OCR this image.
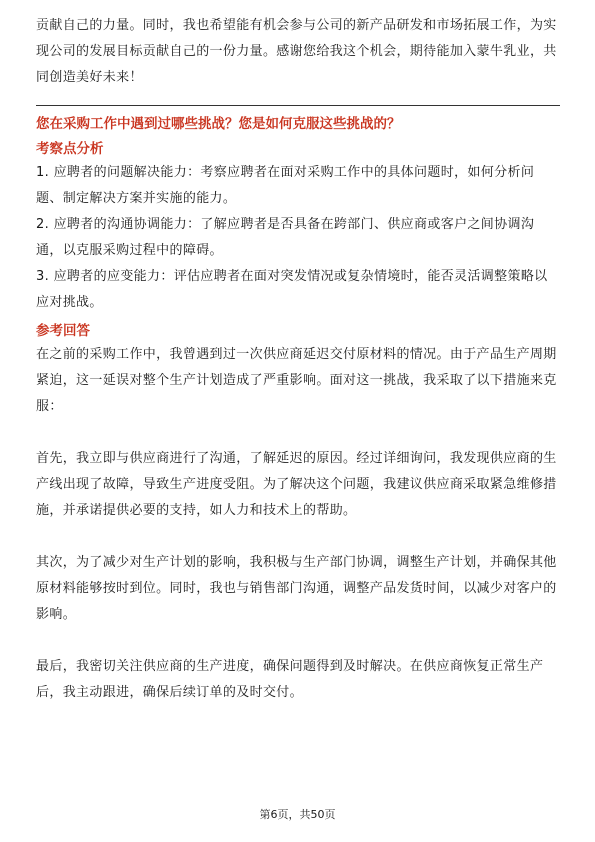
贡献自己的力量。同时，我也希望能有机会参与公司的新产品研发和市场拓展工作，为实现公司的发展目标贡献自己的一份力量。感谢您给我这个机会，期待能加入蒙牛乳业，共同创造美好未来！

您在采购工作中遇到过哪些挑战？您是如何克服这些挑战的？

考察点分析

1. 应聘者的问题解决能力：考察应聘者在面对采购工作中的具体问题时，如何分析问题、制定解决方案并实施的能力。

2. 应聘者的沟通协调能力：了解应聘者是否具备在跨部门、供应商或客户之间协调沟通，以克服采购过程中的障碍。

3. 应聘者的应变能力：评估应聘者在面对突发情况或复杂情境时，能否灵活调整策略以应对挑战。

参考回答

在之前的采购工作中，我曾遇到过一次供应商延迟交付原材料的情况。由于产品生产周期紧迫，这一延误对整个生产计划造成了严重影响。面对这一挑战，我采取了以下措施来克服：

首先，我立即与供应商进行了沟通，了解延迟的原因。经过详细询问，我发现供应商的生产线出现了故障，导致生产进度受阻。为了解决这个问题，我建议供应商采取紧急维修措施，并承诺提供必要的支持，如人力和技术上的帮助。

其次，为了减少对生产计划的影响，我积极与生产部门协调，调整生产计划，并确保其他原材料能够按时到位。同时，我也与销售部门沟通，调整产品发货时间，以减少对客户的影响。

最后，我密切关注供应商的生产进度，确保问题得到及时解决。在供应商恢复正常生产后，我主动跟进，确保后续订单的及时交付。

第6页，共50页
